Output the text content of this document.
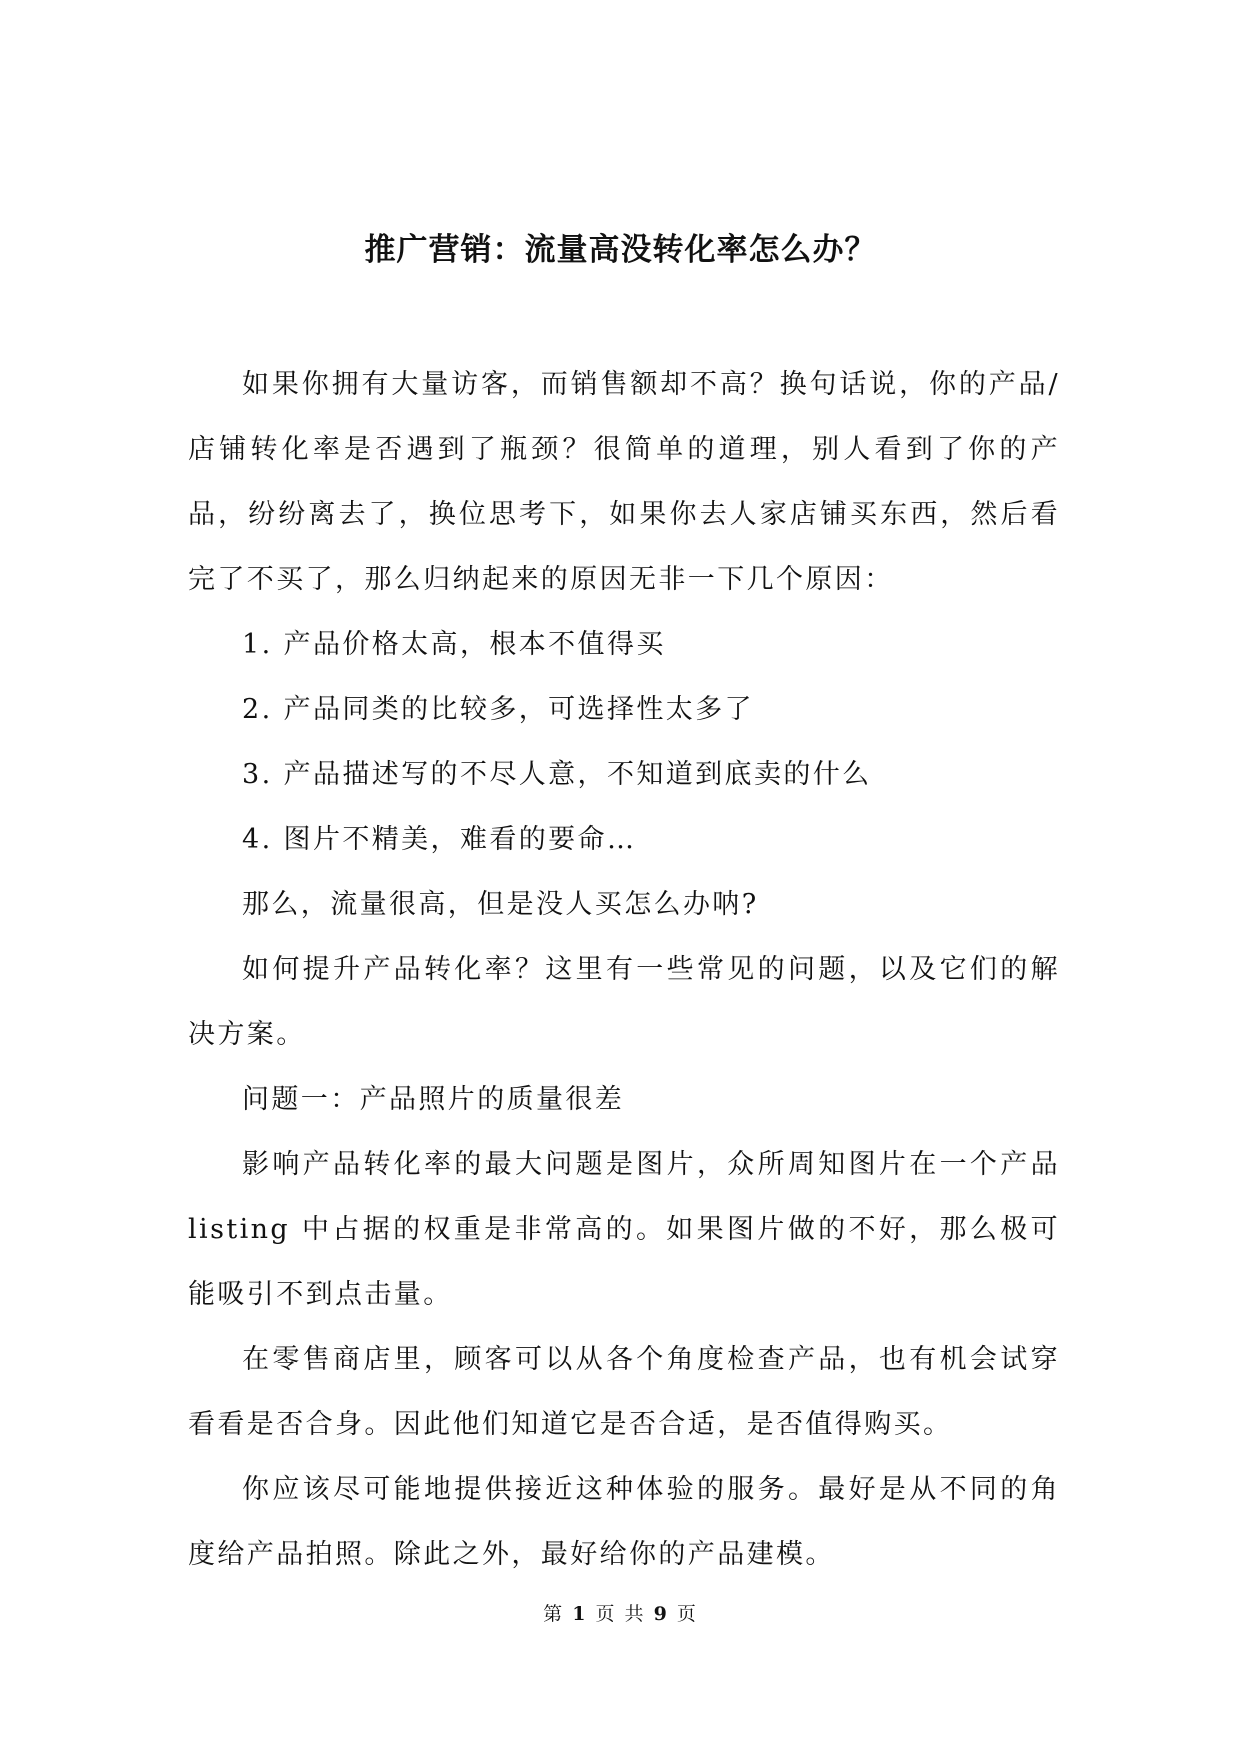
推广营销：流量高没转化率怎么办？

如果你拥有大量访客，而销售额却不高？换句话说，你的产品/店铺转化率是否遇到了瓶颈？很简单的道理，别人看到了你的产品，纷纷离去了，换位思考下，如果你去人家店铺买东西，然后看完了不买了，那么归纳起来的原因无非一下几个原因：

1. 产品价格太高，根本不值得买

2. 产品同类的比较多，可选择性太多了

3. 产品描述写的不尽人意，不知道到底卖的什么

4. 图片不精美，难看的要命…

那么，流量很高，但是没人买怎么办呐?

如何提升产品转化率？这里有一些常见的问题，以及它们的解决方案。

问题一：产品照片的质量很差

影响产品转化率的最大问题是图片，众所周知图片在一个产品 listing 中占据的权重是非常高的。如果图片做的不好，那么极可能吸引不到点击量。

在零售商店里，顾客可以从各个角度检查产品，也有机会试穿看看是否合身。因此他们知道它是否合适，是否值得购买。

你应该尽可能地提供接近这种体验的服务。最好是从不同的角度给产品拍照。除此之外，最好给你的产品建模。

第 1 页 共 9 页
